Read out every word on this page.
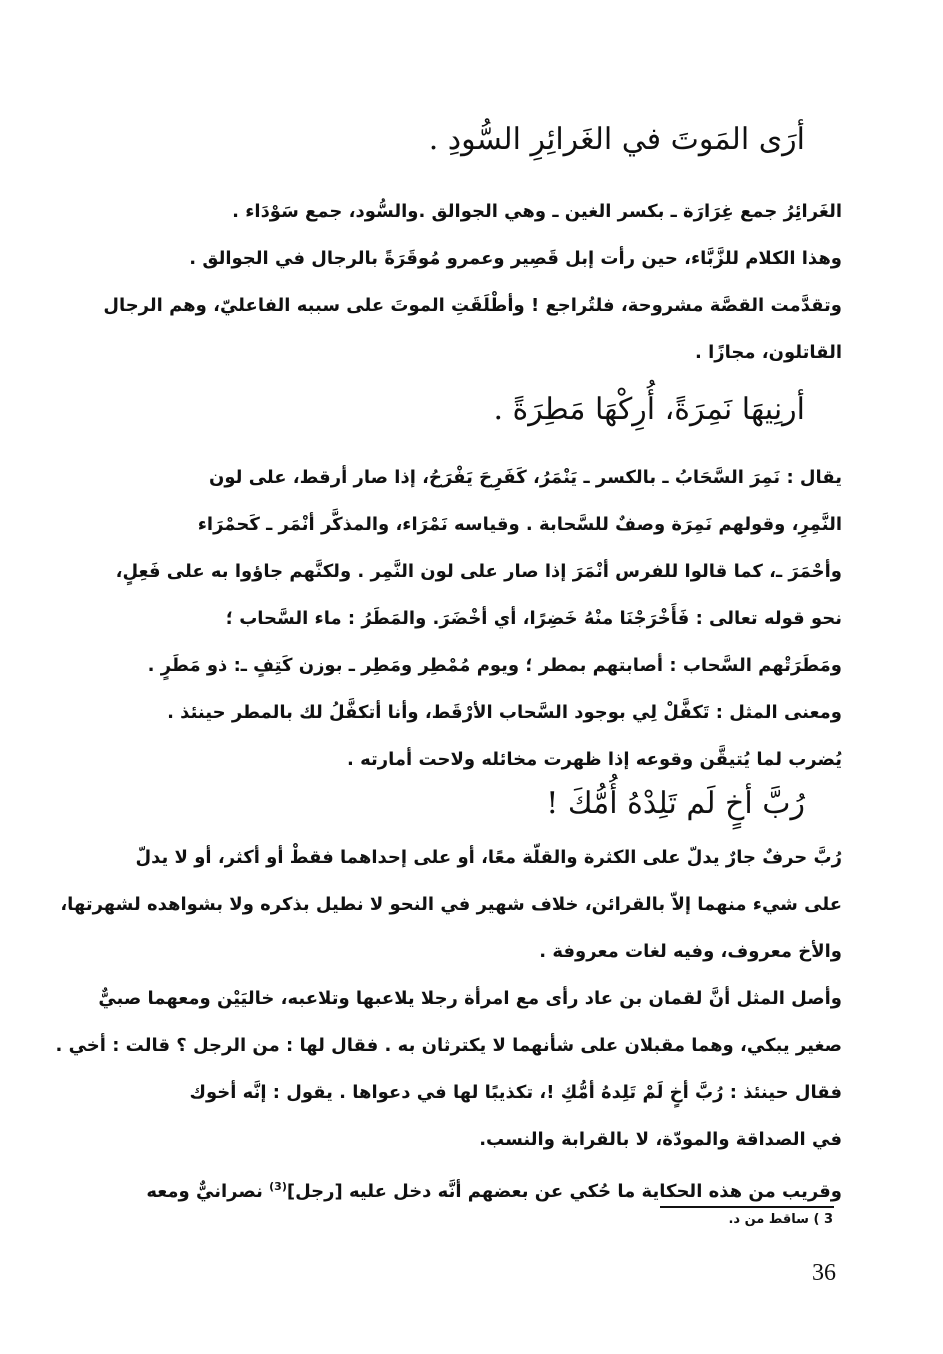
أرَى المَوتَ في الغَرائِرِ السُّودِ .

الغَرائِرُ جمع غِرَارَة ـ بكسر الغين ـ وهي الجوالق .والسُّود، جمع سَوْدَاء .
وهذا الكلام للزَّبَّاء، حين رأت إبل قَصِير وعمرو مُوقَرَةً بالرجال في الجوالق .
وتقدَّمت القصَّة مشروحة، فلتُراجع ! وأطْلَقَتِ الموتَ على سببه الفاعليّ، وهم الرجال
القاتلون، مجازًا .

أرنِيهَا نَمِرَةً، أُرِكْهَا مَطِرَةً .

يقال : نَمِرَ السَّحَابُ ـ بالكسر ـ يَنْمَرُ، كَفَرِحَ يَفْرَحُ، إذا صار أرقط، على لون
النَّمِرِ، وقولهم نَمِرَة وصفٌ للسَّحابة . وقياسه نَمْرَاء، والمذكَّر أنْمَر ـ كَحمْرَاء
وأحْمَرَ ـ، كما قالوا للفرس أنْمَرَ إذا صار على لون النَّمِر . ولكنَّهم جاؤوا به على فَعِلٍ،
نحو قوله تعالى : فَأَخْرَجْنَا منْهُ خَضِرًا، أي أخْضَرَ. والمَطَرُ : ماء السَّحاب ؛
ومَطَرَتْهم السَّحاب : أصابتهم بمطر ؛ ويوم مُمْطِر ومَطِر ـ بوزن كَتِفٍ ـ: ذو مَطَرٍ .
ومعنى المثل : تَكفَّلْ لِي بوجود السَّحاب الأرْقَط، وأنا أتكفَّلُ لك بالمطر حينئذ .
يُضرب لما يُتيقَّن وقوعه إذا ظهرت مخائله ولاحت أمارته .

رُبَّ أخٍ لَم تَلِدْهُ أُمُّكَ !

رُبَّ حرفٌ جارٌ يدلّ على الكثرة والقلّة معًا، أو على إحداهما فقطْ أو أكثر، أو لا يدلّ
على شيء منهما إلاّ بالقرائن، خلاف شهير في النحو لا نطيل بذكره ولا بشواهده لشهرتها،
والأخ معروف، وفيه لغات معروفة .
وأصل المثل أنَّ لقمان بن عاد رأى مع امرأة رجلا يلاعبها وتلاعبه، خاليَيْن ومعهما صبيٌّ
صغير يبكي، وهما مقبلان على شأنهما لا يكترثان به . فقال لها : من الرجل ؟ قالت : أخي .
فقال حينئذ : رُبَّ أخٍ لَمْ تَلِدهُ أمُّكِ !، تكذيبًا لها في دعواها . يقول : إنَّه أخوك
في الصداقة والمودّة، لا بالقرابة والنسب.
وقريب من هذه الحكاية ما حُكي عن بعضهم أنَّه دخل عليه [رجل]$^{(3)}$ نصرانيٌّ ومعه

3 ) ساقط من د.
36
